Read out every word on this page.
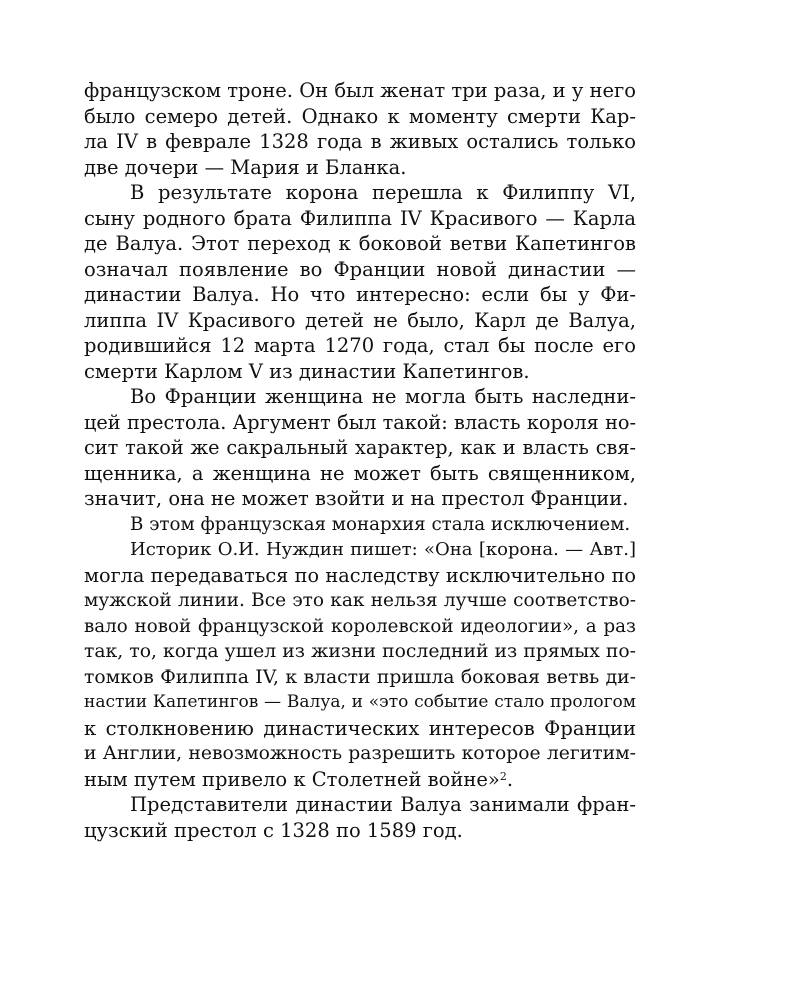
французском троне. Он был женат три раза, и у него
было семеро детей. Однако к моменту смерти Кар-
ла IV в феврале 1328 года в живых остались только
две дочери — Мария и Бланка.
В результате корона перешла к Филиппу VI,
сыну родного брата Филиппа IV Красивого — Карла
де Валуа. Этот переход к боковой ветви Капетингов
означал появление во Франции новой династии —
династии Валуа. Но что интересно: если бы у Фи-
липпа IV Красивого детей не было, Карл де Валуа,
родившийся 12 марта 1270 года, стал бы после его
смерти Карлом V из династии Капетингов.
Во Франции женщина не могла быть наследни-
цей престола. Аргумент был такой: власть короля но-
сит такой же сакральный характер, как и власть свя-
щенника, а женщина не может быть священником,
значит, она не может взойти и на престол Франции.
В этом французская монархия стала исключением.
Историк О.И. Нуждин пишет: «Она [корона. — Авт.]
могла передаваться по наследству исключительно по
мужской линии. Все это как нельзя лучше соответство-
вало новой французской королевской идеологии», а раз
так, то, когда ушел из жизни последний из прямых по-
томков Филиппа IV, к власти пришла боковая ветвь ди-
настии Капетингов — Валуа, и «это событие стало прологом
к столкновению династических интересов Франции
и Англии, невозможность разрешить которое легитим-
ным путем привело к Столетней войне»$^2$.
Представители династии Валуа занимали фран-
цузский престол с 1328 по 1589 год.
